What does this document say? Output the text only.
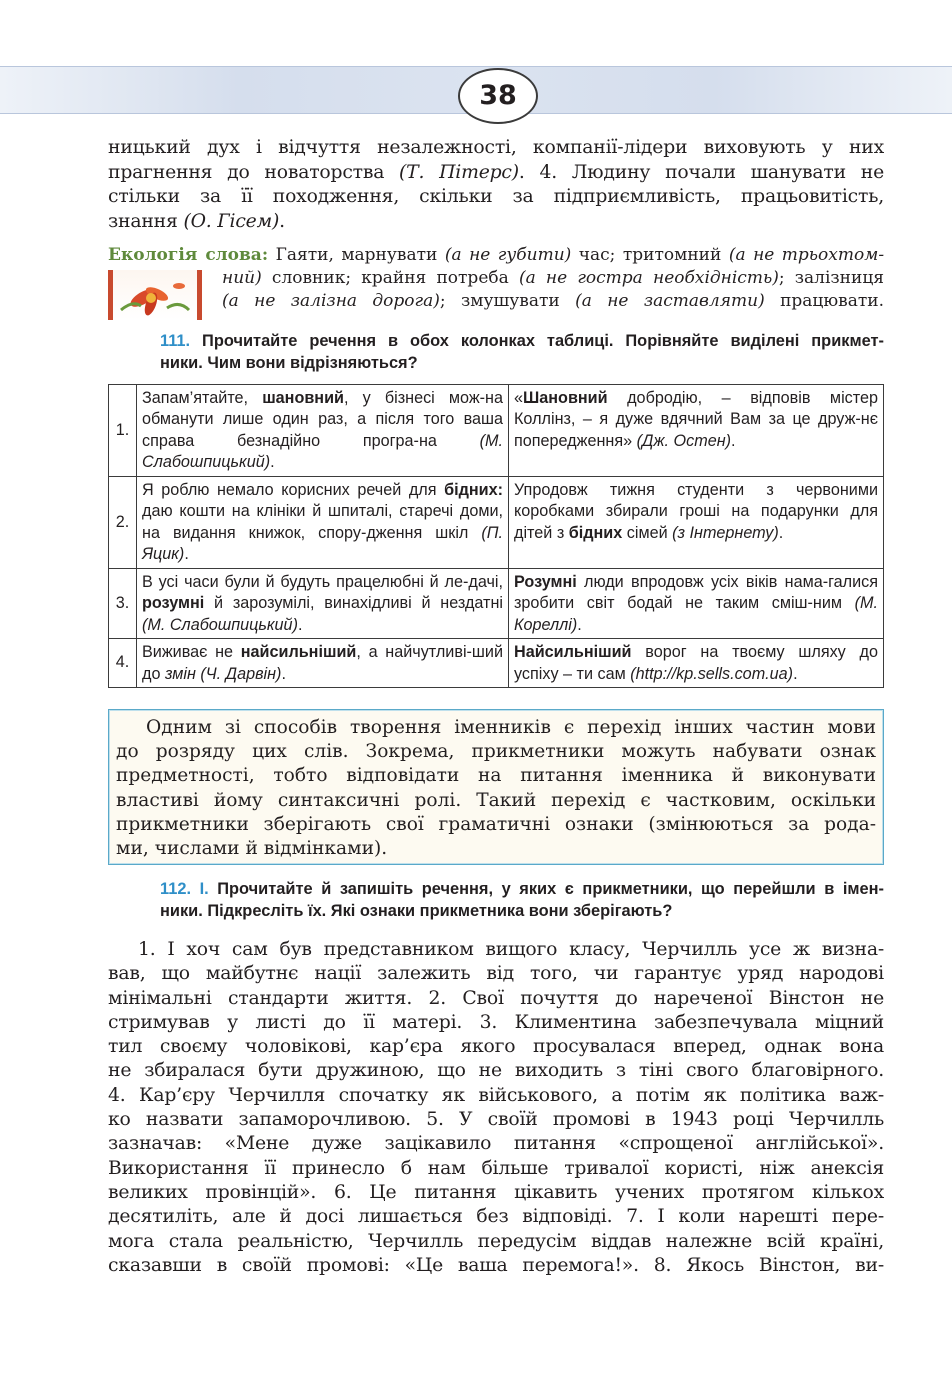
38
ницький дух і відчуття незалежності, компанії-лідери виховують у них
прагнення до новаторства (Т. Пітерс). 4. Людину почали шанувати не
стільки за її походження, скільки за підприємливість, працьовитість,
знання (О. Гісем).
Екологія слова: Гаяти, марнувати (а не губити) час; тритомний (а не трьохтом-
ний) словник; крайня потреба (а не гостра необхідність); залізниця
(а не залізна дорога); змушувати (а не заставляти) працювати.
111. Прочитайте речення в обох колонках таблиці. Порівняйте виділені прикмет-
ники. Чим вони відрізняються?
1.	Запам’ятайте, шановний, у бізнесі мож-на обманути лише один раз, а після того ваша справа безнадійно програ-на (М. Слабошпицький).	«Шановний добродію, – відповів містер Коллінз, – я дуже вдячний Вам за це друж-нє попередження» (Дж. Остен).
2.	Я роблю немало корисних речей для бідних: даю кошти на клініки й шпиталі, старечі доми, на видання книжок, спору-дження шкіл (П. Яцик).	Упродовж тижня студенти з червоними коробками збирали гроші на подарунки для дітей з бідних сімей (з Інтернету).
3.	В усі часи були й будуть працелюбні й ле-дачі, розумні й зарозумілі, винахідливі й нездатні (М. Слабошпицький).	Розумні люди впродовж усіх віків нама-галися зробити світ бодай не таким сміш-ним (М. Кореллі).
4.	Виживає не найсильніший, а найчутливі-ший до змін (Ч. Дарвін).	Найсильніший ворог на твоєму шляху до успіху – ти сам (http://kp.sells.com.ua).
Одним зі способів творення іменників є перехід інших частин мови
до розряду цих слів. Зокрема, прикметники можуть набувати ознак
предметності, тобто відповідати на питання іменника й виконувати
властиві йому синтаксичні ролі. Такий перехід є частковим, оскільки
прикметники зберігають свої граматичні ознаки (змінюються за рода-
ми, числами й відмінками).
112. І. Прочитайте й запишіть речення, у яких є прикметники, що перейшли в імен-
ники. Підкресліть їх. Які ознаки прикметника вони зберігають?
1. І хоч сам був представником вищого класу, Черчилль усе ж визна-
вав, що майбутнє нації залежить від того, чи гарантує уряд народові
мінімальні стандарти життя. 2. Свої почуття до нареченої Вінстон не
стримував у листі до її матері. 3. Климентина забезпечувала міцний
тил своєму чоловікові, кар’єра якого просувалася вперед, однак вона
не збиралася бути дружиною, що не виходить з тіні свого благовірного.
4. Кар’єру Черчилля спочатку як військового, а потім як політика важ-
ко назвати запаморочливою. 5. У своїй промові в 1943 році Черчилль
зазначав: «Мене дуже зацікавило питання «спрощеної англійської».
Використання її принесло б нам більше тривалої користі, ніж анексія
великих провінцій». 6. Це питання цікавить учених протягом кількох
десятиліть, але й досі лишається без відповіді. 7. І коли нарешті пере-
мога стала реальністю, Черчилль передусім віддав належне всій країні,
сказавши в своїй промові: «Це ваша перемога!». 8. Якось Вінстон, ви-
